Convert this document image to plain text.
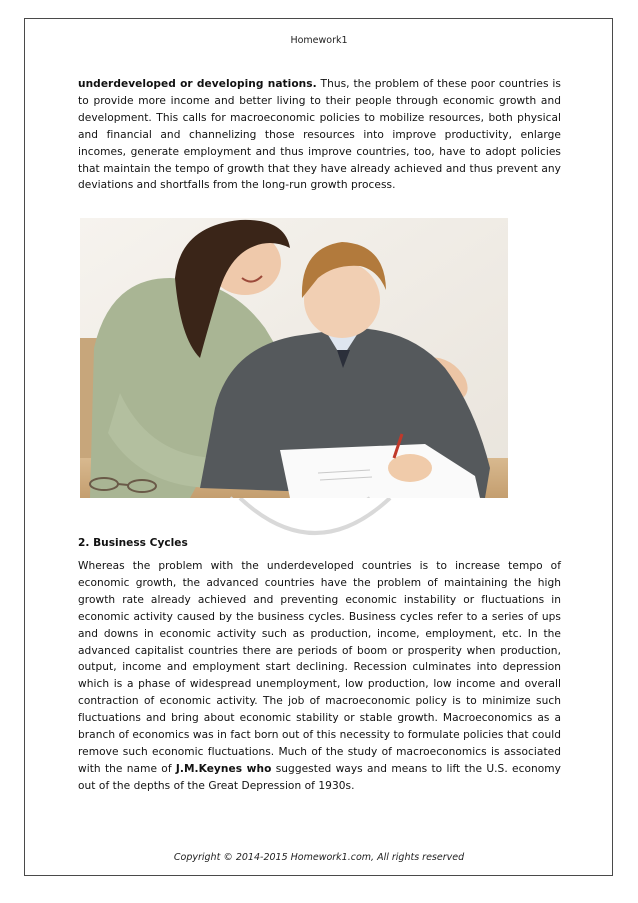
Homework1

underdeveloped or developing nations. Thus, the problem of these poor countries is to provide more income and better living to their people through economic growth and development. This calls for macroeconomic policies to mobilize resources, both physical and financial and channelizing those resources into improve productivity, enlarge incomes, generate employment and thus improve countries, too, have to adopt policies that maintain the tempo of growth that they have already achieved and thus prevent any deviations and shortfalls from the long-run growth process.

2. Business Cycles

Whereas the problem with the underdeveloped countries is to increase tempo of economic growth, the advanced countries have the problem of maintaining the high growth rate already achieved and preventing economic instability or fluctuations in economic activity caused by the business cycles. Business cycles refer to a series of ups and downs in economic activity such as production, income, employment, etc. In the advanced capitalist countries there are periods of boom or prosperity when production, output, income and employment start declining. Recession culminates into depression which is a phase of widespread unemployment, low production, low income and overall contraction of economic activity. The job of macroeconomic policy is to minimize such fluctuations and bring about economic stability or stable growth. Macroeconomics as a branch of economics was in fact born out of this necessity to formulate policies that could remove such economic fluctuations. Much of the study of macroeconomics is associated with the name of J.M.Keynes who suggested ways and means to lift the U.S. economy out of the depths of the Great Depression of 1930s.

Copyright © 2014-2015 Homework1.com, All rights reserved
